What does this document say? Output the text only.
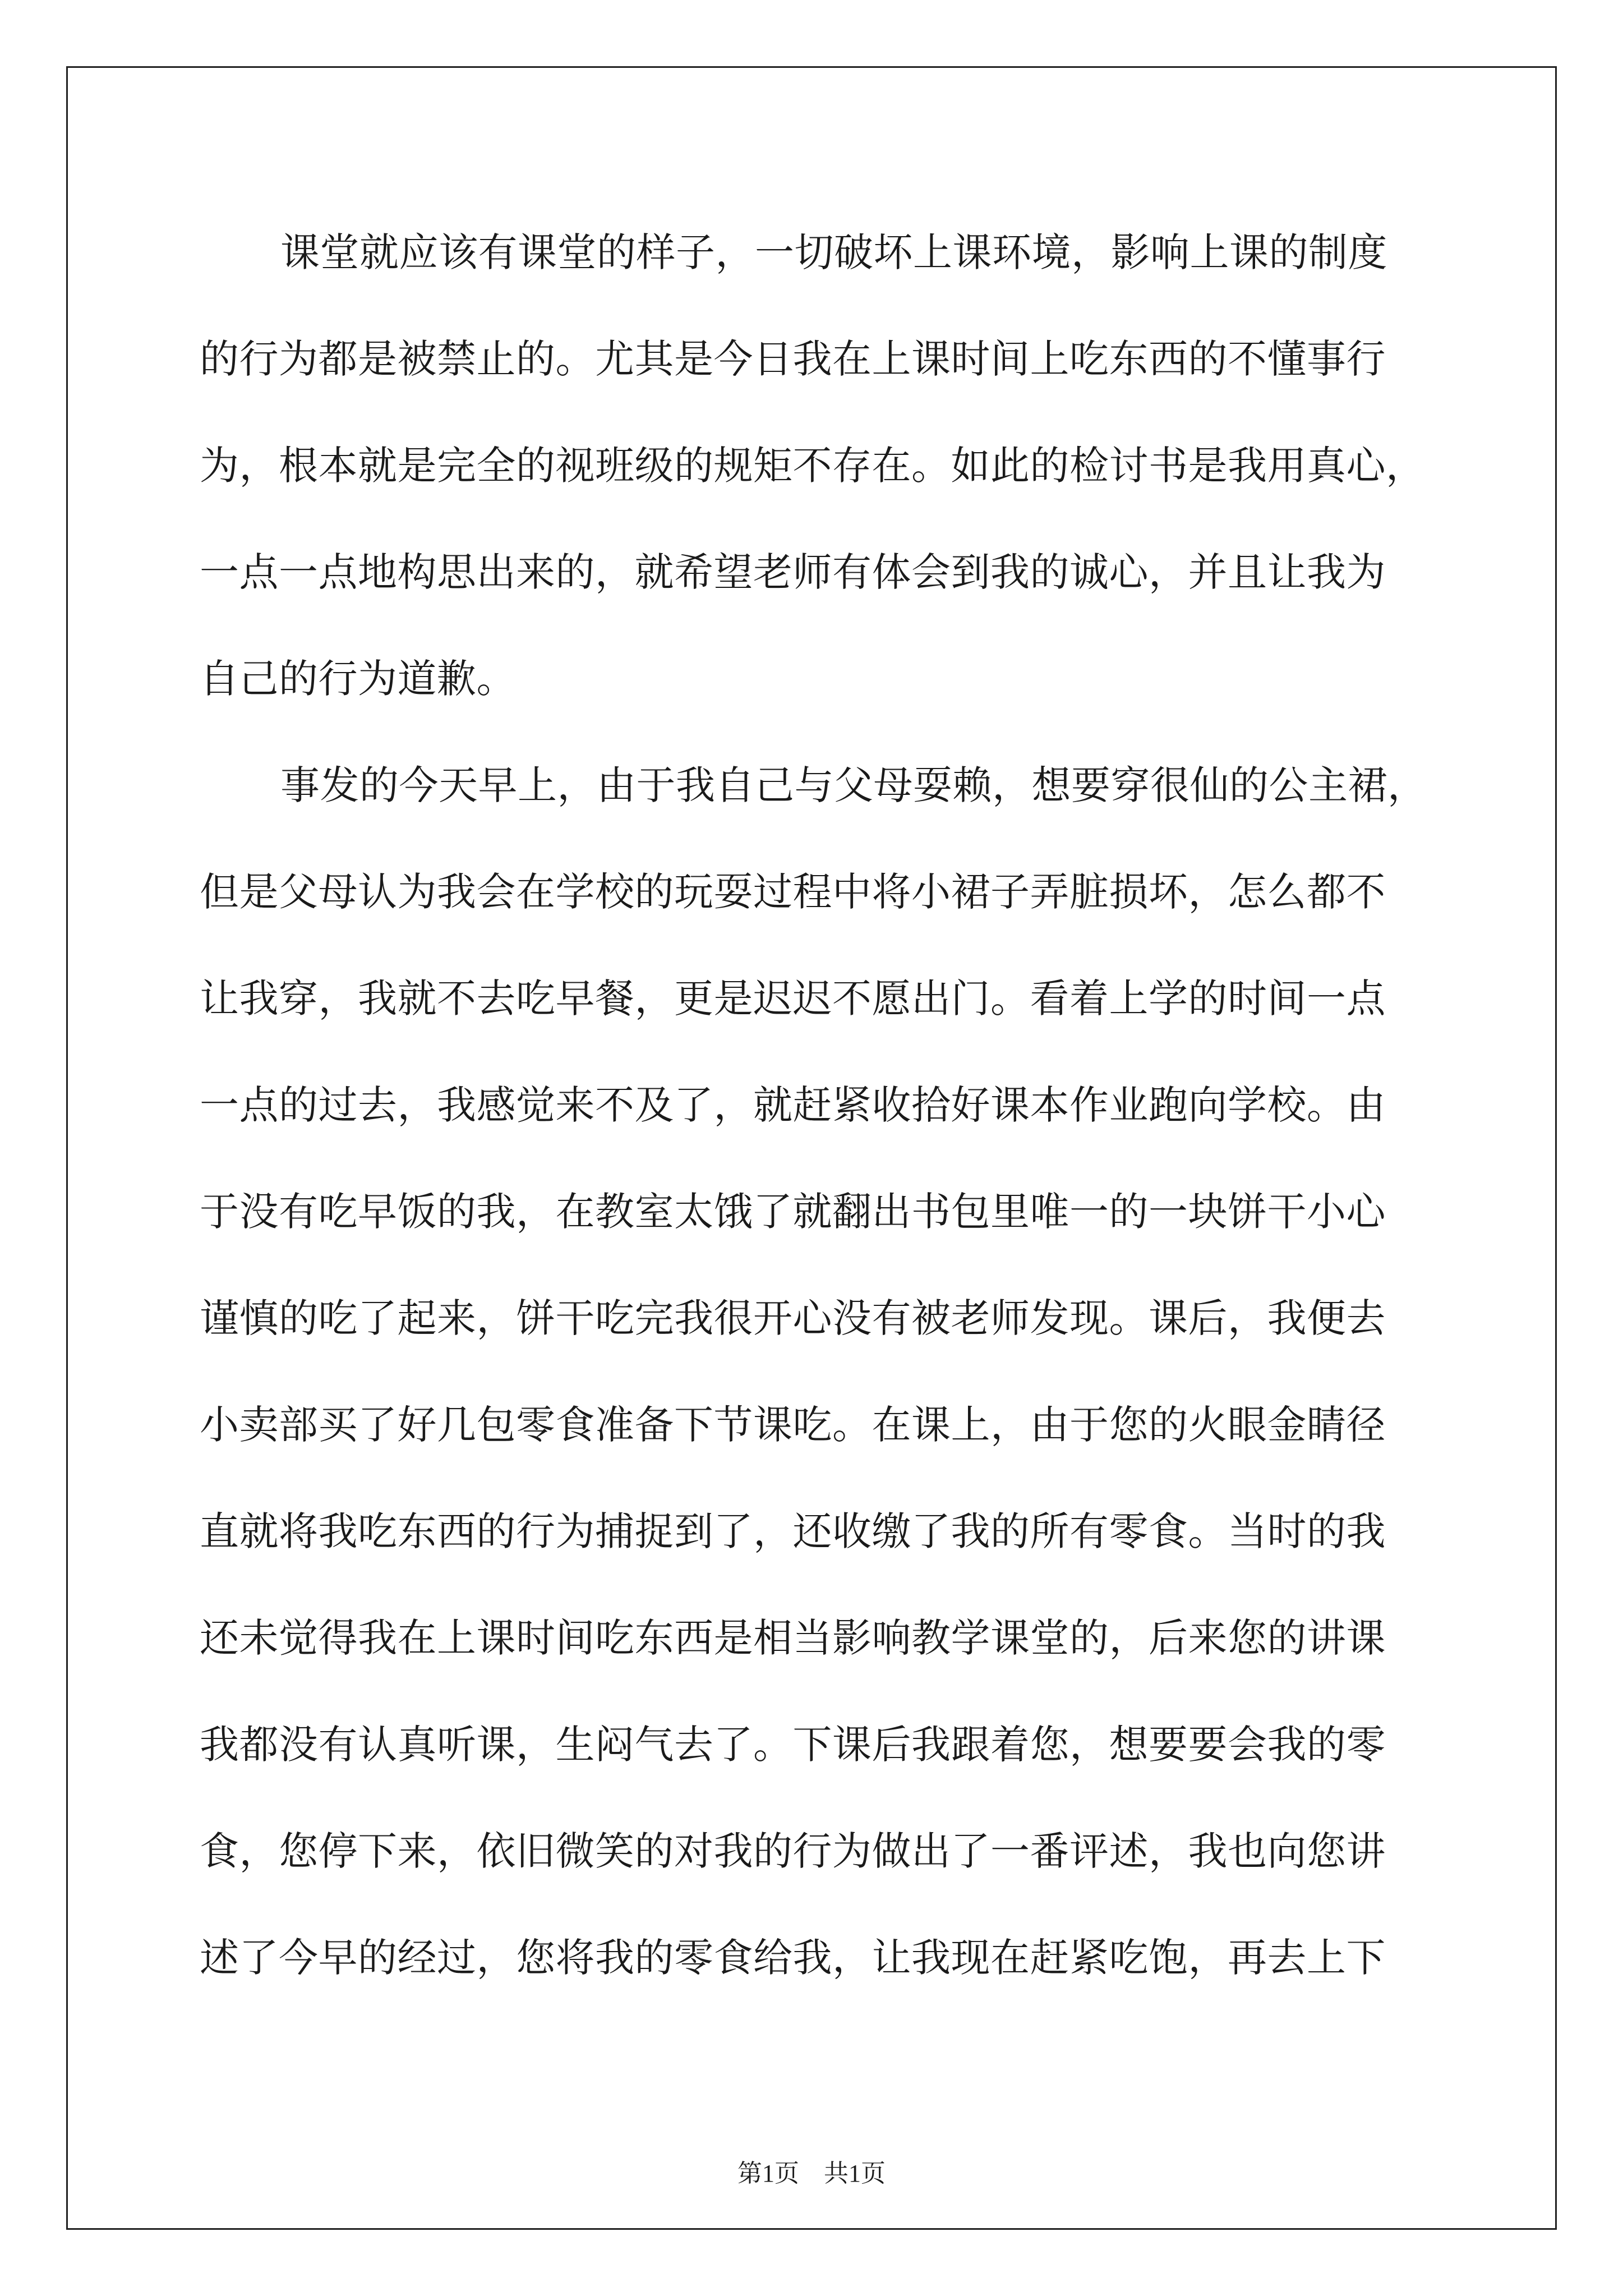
课堂就应该有课堂的样子，一切破坏上课环境，影响上课的制度
的行为都是被禁止的。尤其是今日我在上课时间上吃东西的不懂事行
为，根本就是完全的视班级的规矩不存在。如此的检讨书是我用真心，
一点一点地构思出来的，就希望老师有体会到我的诚心，并且让我为
自己的行为道歉。
事发的今天早上，由于我自己与父母耍赖，想要穿很仙的公主裙，
但是父母认为我会在学校的玩耍过程中将小裙子弄脏损坏，怎么都不
让我穿，我就不去吃早餐，更是迟迟不愿出门。看着上学的时间一点
一点的过去，我感觉来不及了，就赶紧收拾好课本作业跑向学校。由
于没有吃早饭的我，在教室太饿了就翻出书包里唯一的一块饼干小心
谨慎的吃了起来，饼干吃完我很开心没有被老师发现。课后，我便去
小卖部买了好几包零食准备下节课吃。在课上，由于您的火眼金睛径
直就将我吃东西的行为捕捉到了，还收缴了我的所有零食。当时的我
还未觉得我在上课时间吃东西是相当影响教学课堂的，后来您的讲课
我都没有认真听课，生闷气去了。下课后我跟着您，想要要会我的零
食，您停下来，依旧微笑的对我的行为做出了一番评述，我也向您讲
述了今早的经过，您将我的零食给我，让我现在赶紧吃饱，再去上下
第1页　共1页
